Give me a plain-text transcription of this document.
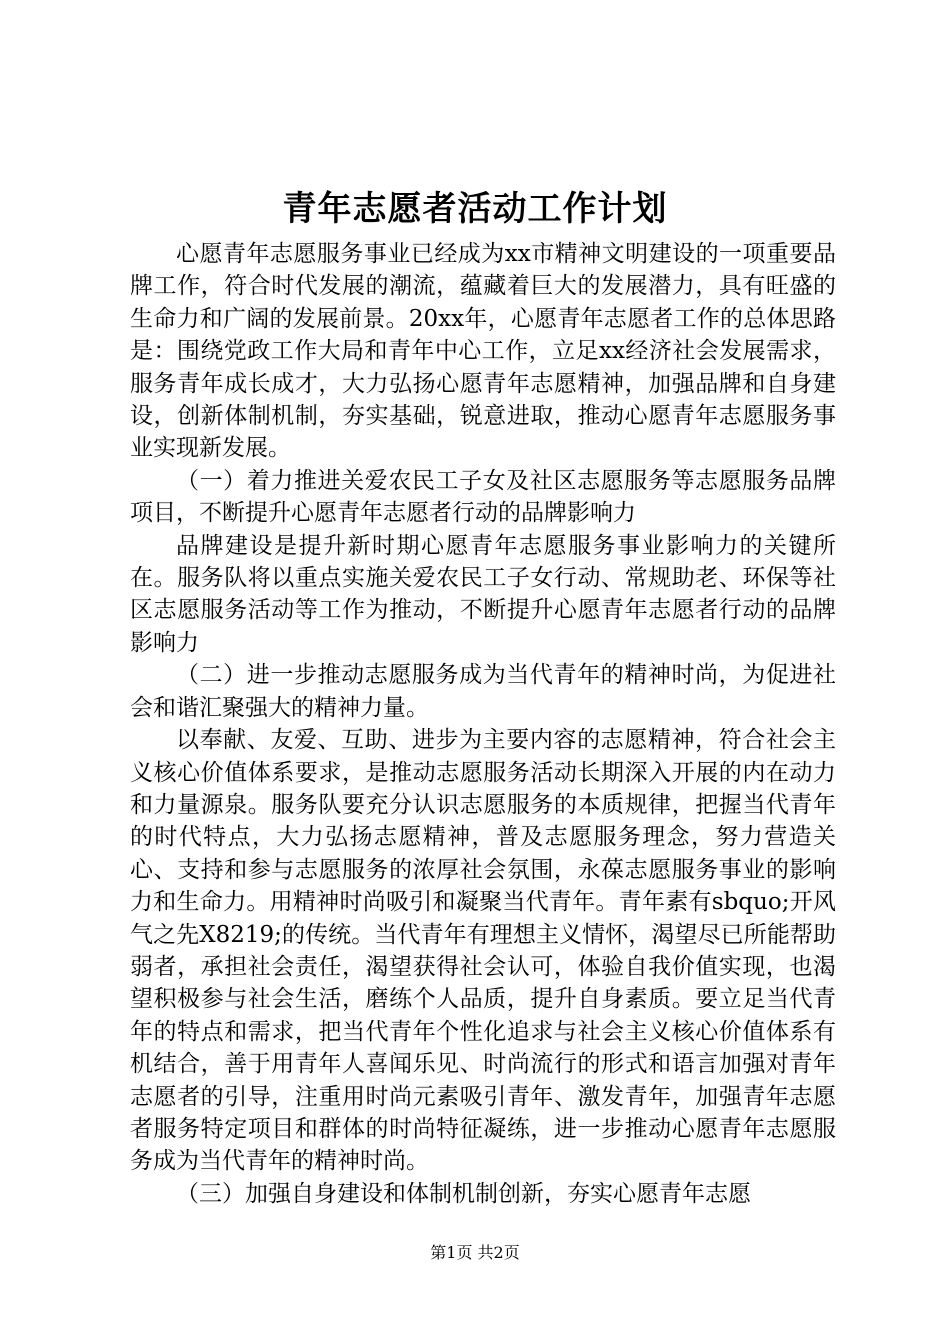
青年志愿者活动工作计划

心愿青年志愿服务事业已经成为xx市精神文明建设的一项重要品牌工作，符合时代发展的潮流，蕴藏着巨大的发展潜力，具有旺盛的生命力和广阔的发展前景。20xx年，心愿青年志愿者工作的总体思路是：围绕党政工作大局和青年中心工作，立足xx经济社会发展需求，服务青年成长成才，大力弘扬心愿青年志愿精神，加强品牌和自身建设，创新体制机制，夯实基础，锐意进取，推动心愿青年志愿服务事业实现新发展。

（一）着力推进关爱农民工子女及社区志愿服务等志愿服务品牌项目，不断提升心愿青年志愿者行动的品牌影响力

品牌建设是提升新时期心愿青年志愿服务事业影响力的关键所在。服务队将以重点实施关爱农民工子女行动、常规助老、环保等社区志愿服务活动等工作为推动，不断提升心愿青年志愿者行动的品牌影响力

（二）进一步推动志愿服务成为当代青年的精神时尚，为促进社会和谐汇聚强大的精神力量。

以奉献、友爱、互助、进步为主要内容的志愿精神，符合社会主义核心价值体系要求，是推动志愿服务活动长期深入开展的内在动力和力量源泉。服务队要充分认识志愿服务的本质规律，把握当代青年的时代特点，大力弘扬志愿精神，普及志愿服务理念，努力营造关心、支持和参与志愿服务的浓厚社会氛围，永葆志愿服务事业的影响力和生命力。用精神时尚吸引和凝聚当代青年。青年素有sbquo;开风气之先X8219;的传统。当代青年有理想主义情怀，渴望尽已所能帮助弱者，承担社会责任，渴望获得社会认可，体验自我价值实现，也渴望积极参与社会生活，磨练个人品质，提升自身素质。要立足当代青年的特点和需求，把当代青年个性化追求与社会主义核心价值体系有机结合，善于用青年人喜闻乐见、时尚流行的形式和语言加强对青年志愿者的引导，注重用时尚元素吸引青年、激发青年，加强青年志愿者服务特定项目和群体的时尚特征凝练，进一步推动心愿青年志愿服务成为当代青年的精神时尚。

（三）加强自身建设和体制机制创新，夯实心愿青年志愿

第1页 共2页
